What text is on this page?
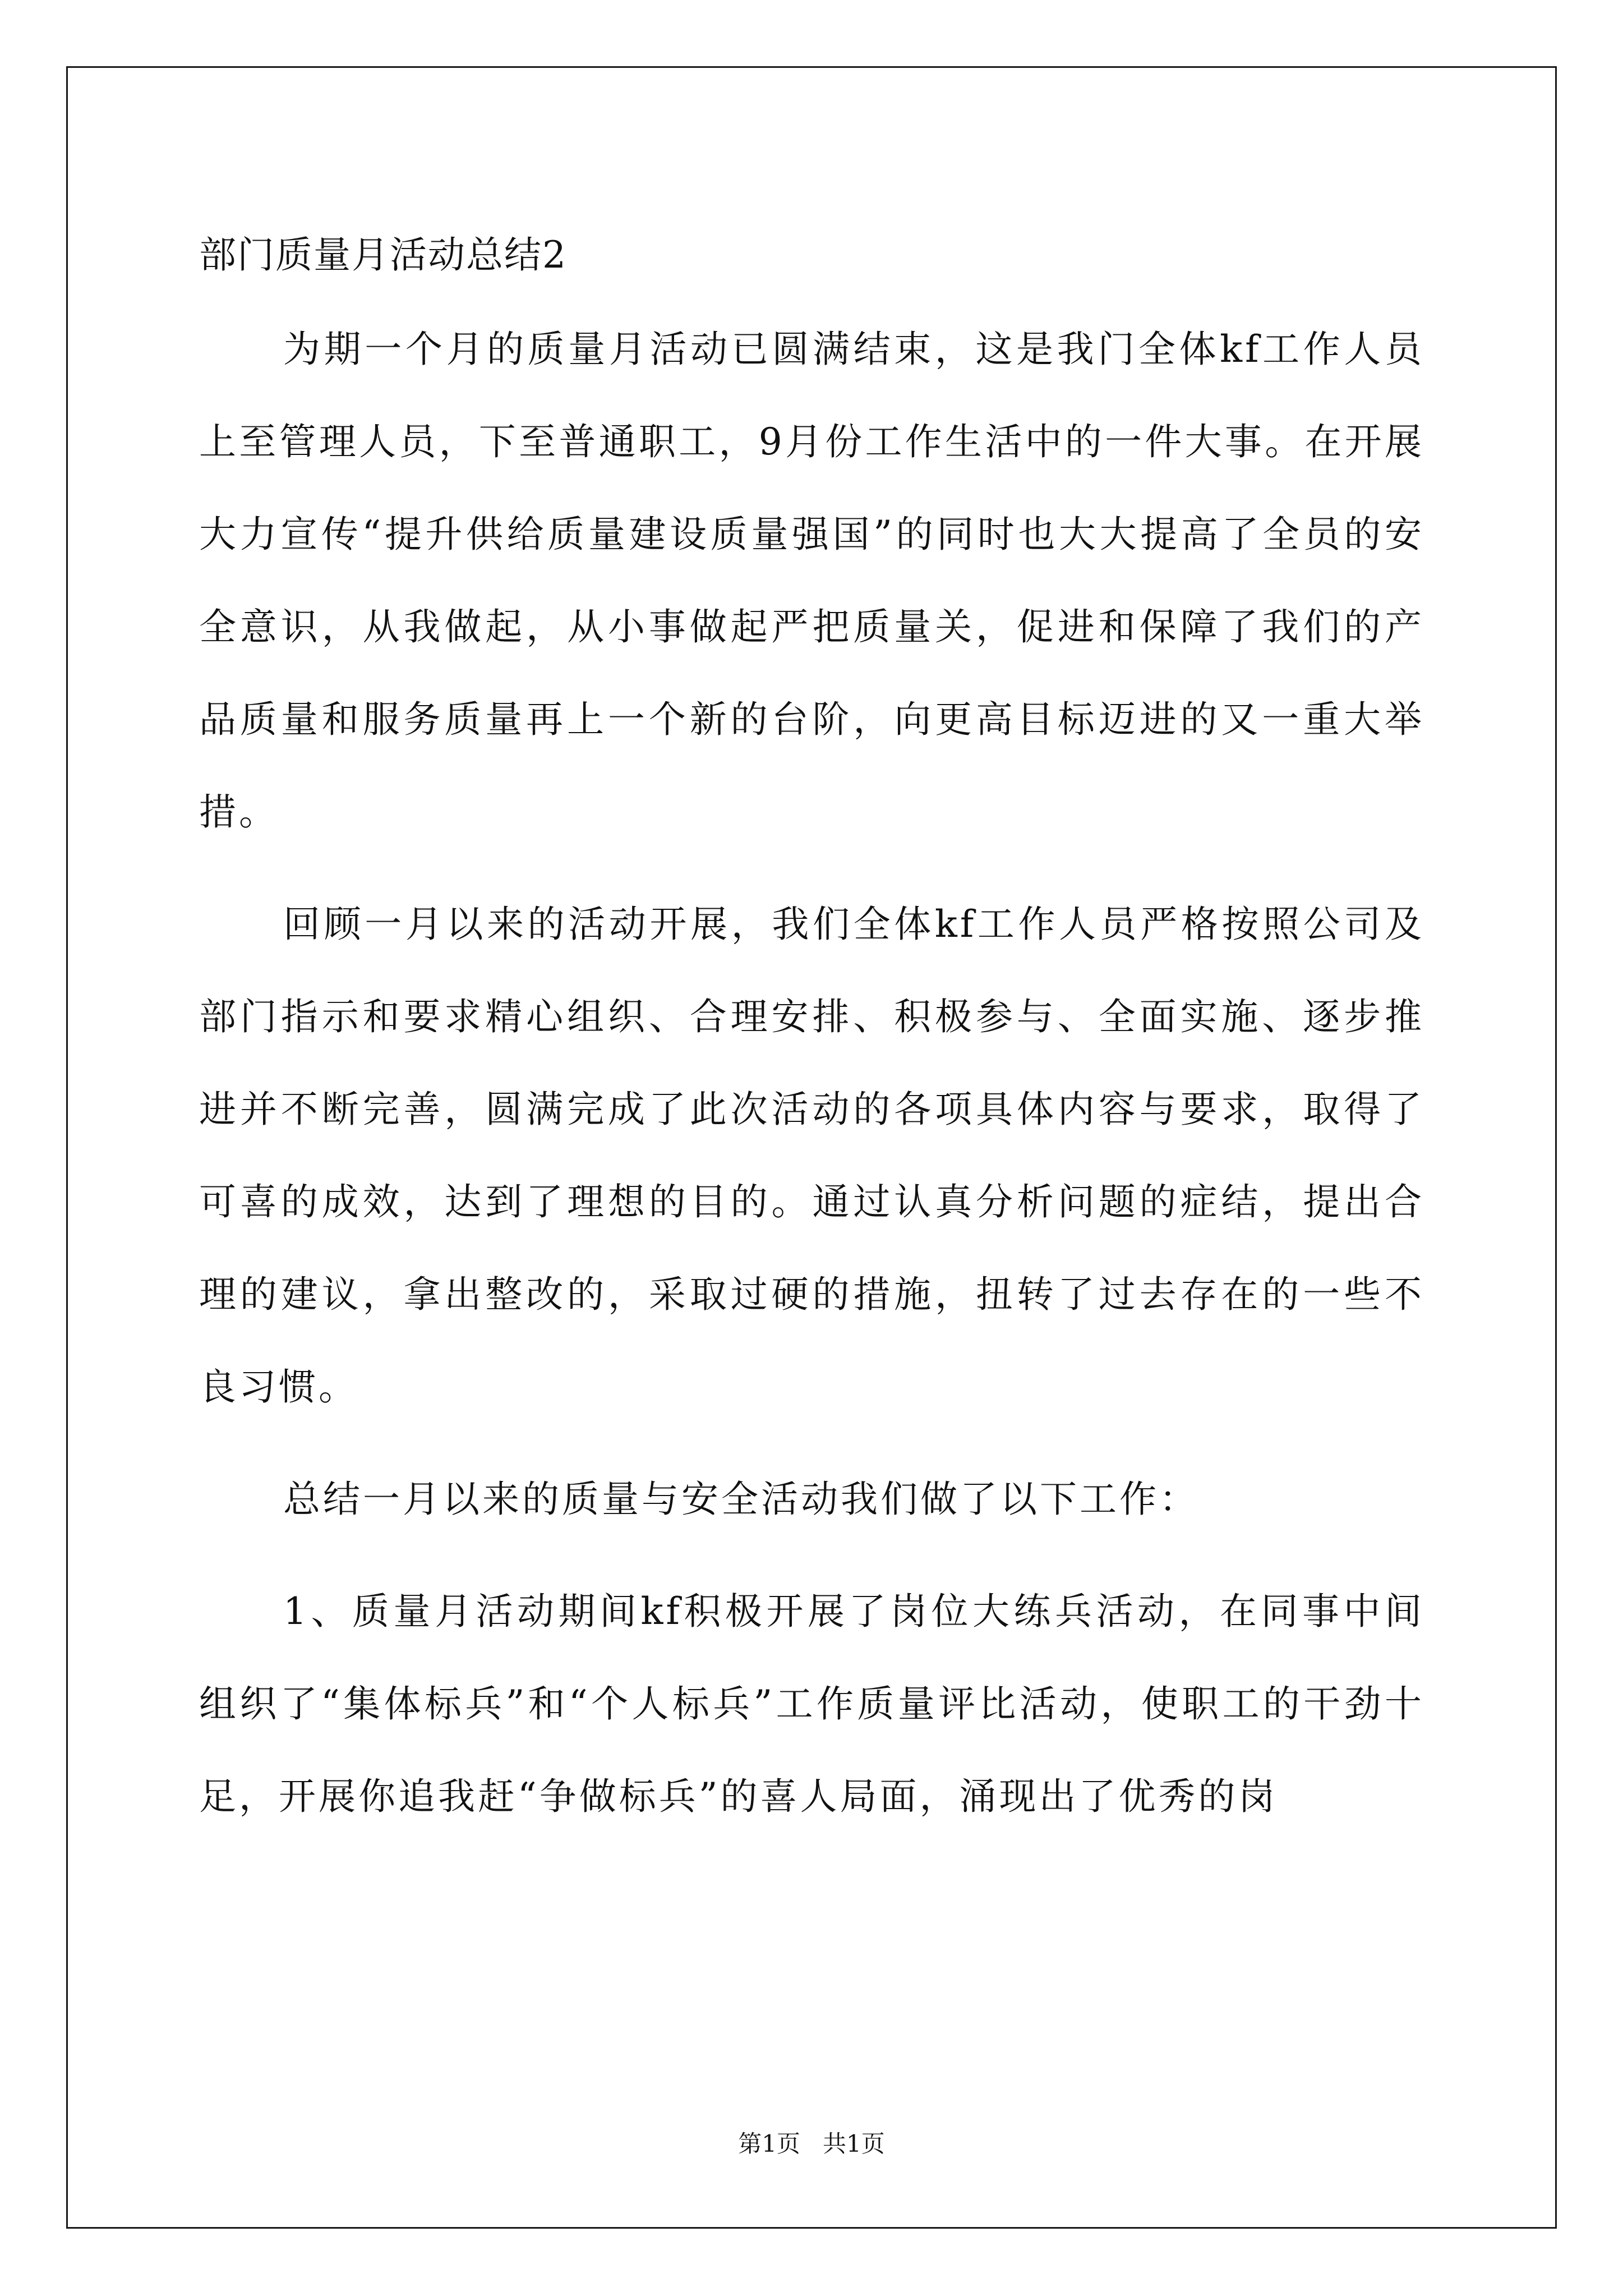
部门质量月活动总结2

为期一个月的质量月活动已圆满结束，这是我门全体kf工作人员上至管理人员，下至普通职工，9月份工作生活中的一件大事。在开展大力宣传“提升供给质量建设质量强国”的同时也大大提高了全员的安全意识，从我做起，从小事做起严把质量关，促进和保障了我们的产品质量和服务质量再上一个新的台阶，向更高目标迈进的又一重大举措。

回顾一月以来的活动开展，我们全体kf工作人员严格按照公司及部门指示和要求精心组织、合理安排、积极参与、全面实施、逐步推进并不断完善，圆满完成了此次活动的各项具体内容与要求，取得了可喜的成效，达到了理想的目的。通过认真分析问题的症结，提出合理的建议，拿出整改的，采取过硬的措施，扭转了过去存在的一些不良习惯。

总结一月以来的质量与安全活动我们做了以下工作：

1、质量月活动期间kf积极开展了岗位大练兵活动，在同事中间组织了“集体标兵”和“个人标兵”工作质量评比活动，使职工的干劲十足，开展你追我赶“争做标兵”的喜人局面，涌现出了优秀的岗

第1页 共1页
